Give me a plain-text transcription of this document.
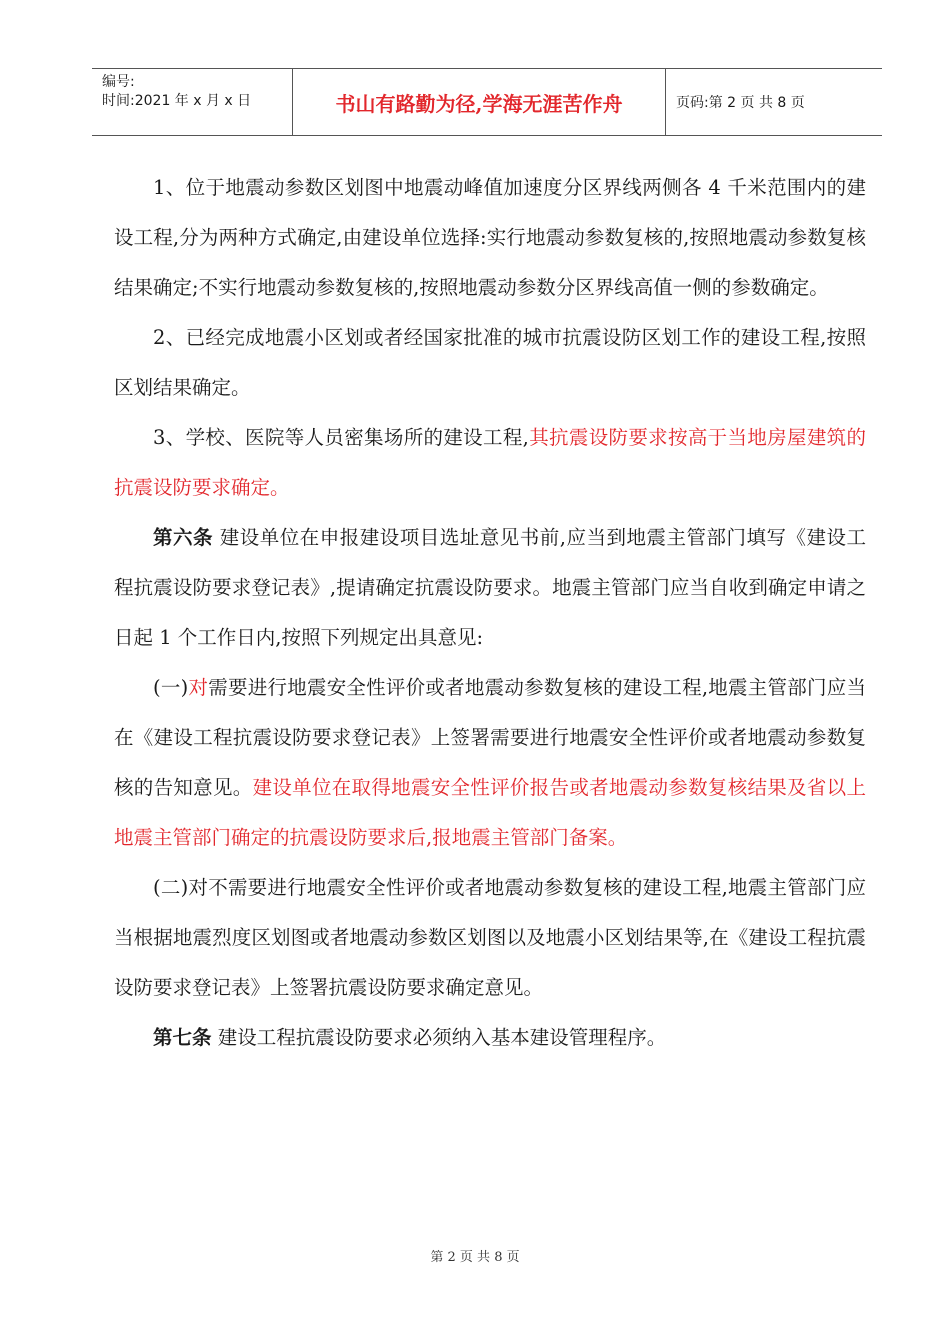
编号:
时间:2021 年 x 月 x 日	书山有路勤为径,学海无涯苦作舟	页码:第 2 页 共 8 页

1、位于地震动参数区划图中地震动峰值加速度分区界线两侧各 4 千米范围内的建设工程,分为两种方式确定,由建设单位选择:实行地震动参数复核的,按照地震动参数复核结果确定;不实行地震动参数复核的,按照地震动参数分区界线高值一侧的参数确定。

2、已经完成地震小区划或者经国家批准的城市抗震设防区划工作的建设工程,按照区划结果确定。

3、学校、医院等人员密集场所的建设工程,其抗震设防要求按高于当地房屋建筑的抗震设防要求确定。

第六条 建设单位在申报建设项目选址意见书前,应当到地震主管部门填写《建设工程抗震设防要求登记表》,提请确定抗震设防要求。地震主管部门应当自收到确定申请之日起 1 个工作日内,按照下列规定出具意见:

(一)对需要进行地震安全性评价或者地震动参数复核的建设工程,地震主管部门应当在《建设工程抗震设防要求登记表》上签署需要进行地震安全性评价或者地震动参数复核的告知意见。建设单位在取得地震安全性评价报告或者地震动参数复核结果及省以上地震主管部门确定的抗震设防要求后,报地震主管部门备案。

(二)对不需要进行地震安全性评价或者地震动参数复核的建设工程,地震主管部门应当根据地震烈度区划图或者地震动参数区划图以及地震小区划结果等,在《建设工程抗震设防要求登记表》上签署抗震设防要求确定意见。

第七条 建设工程抗震设防要求必须纳入基本建设管理程序。

第 2 页 共 8 页
